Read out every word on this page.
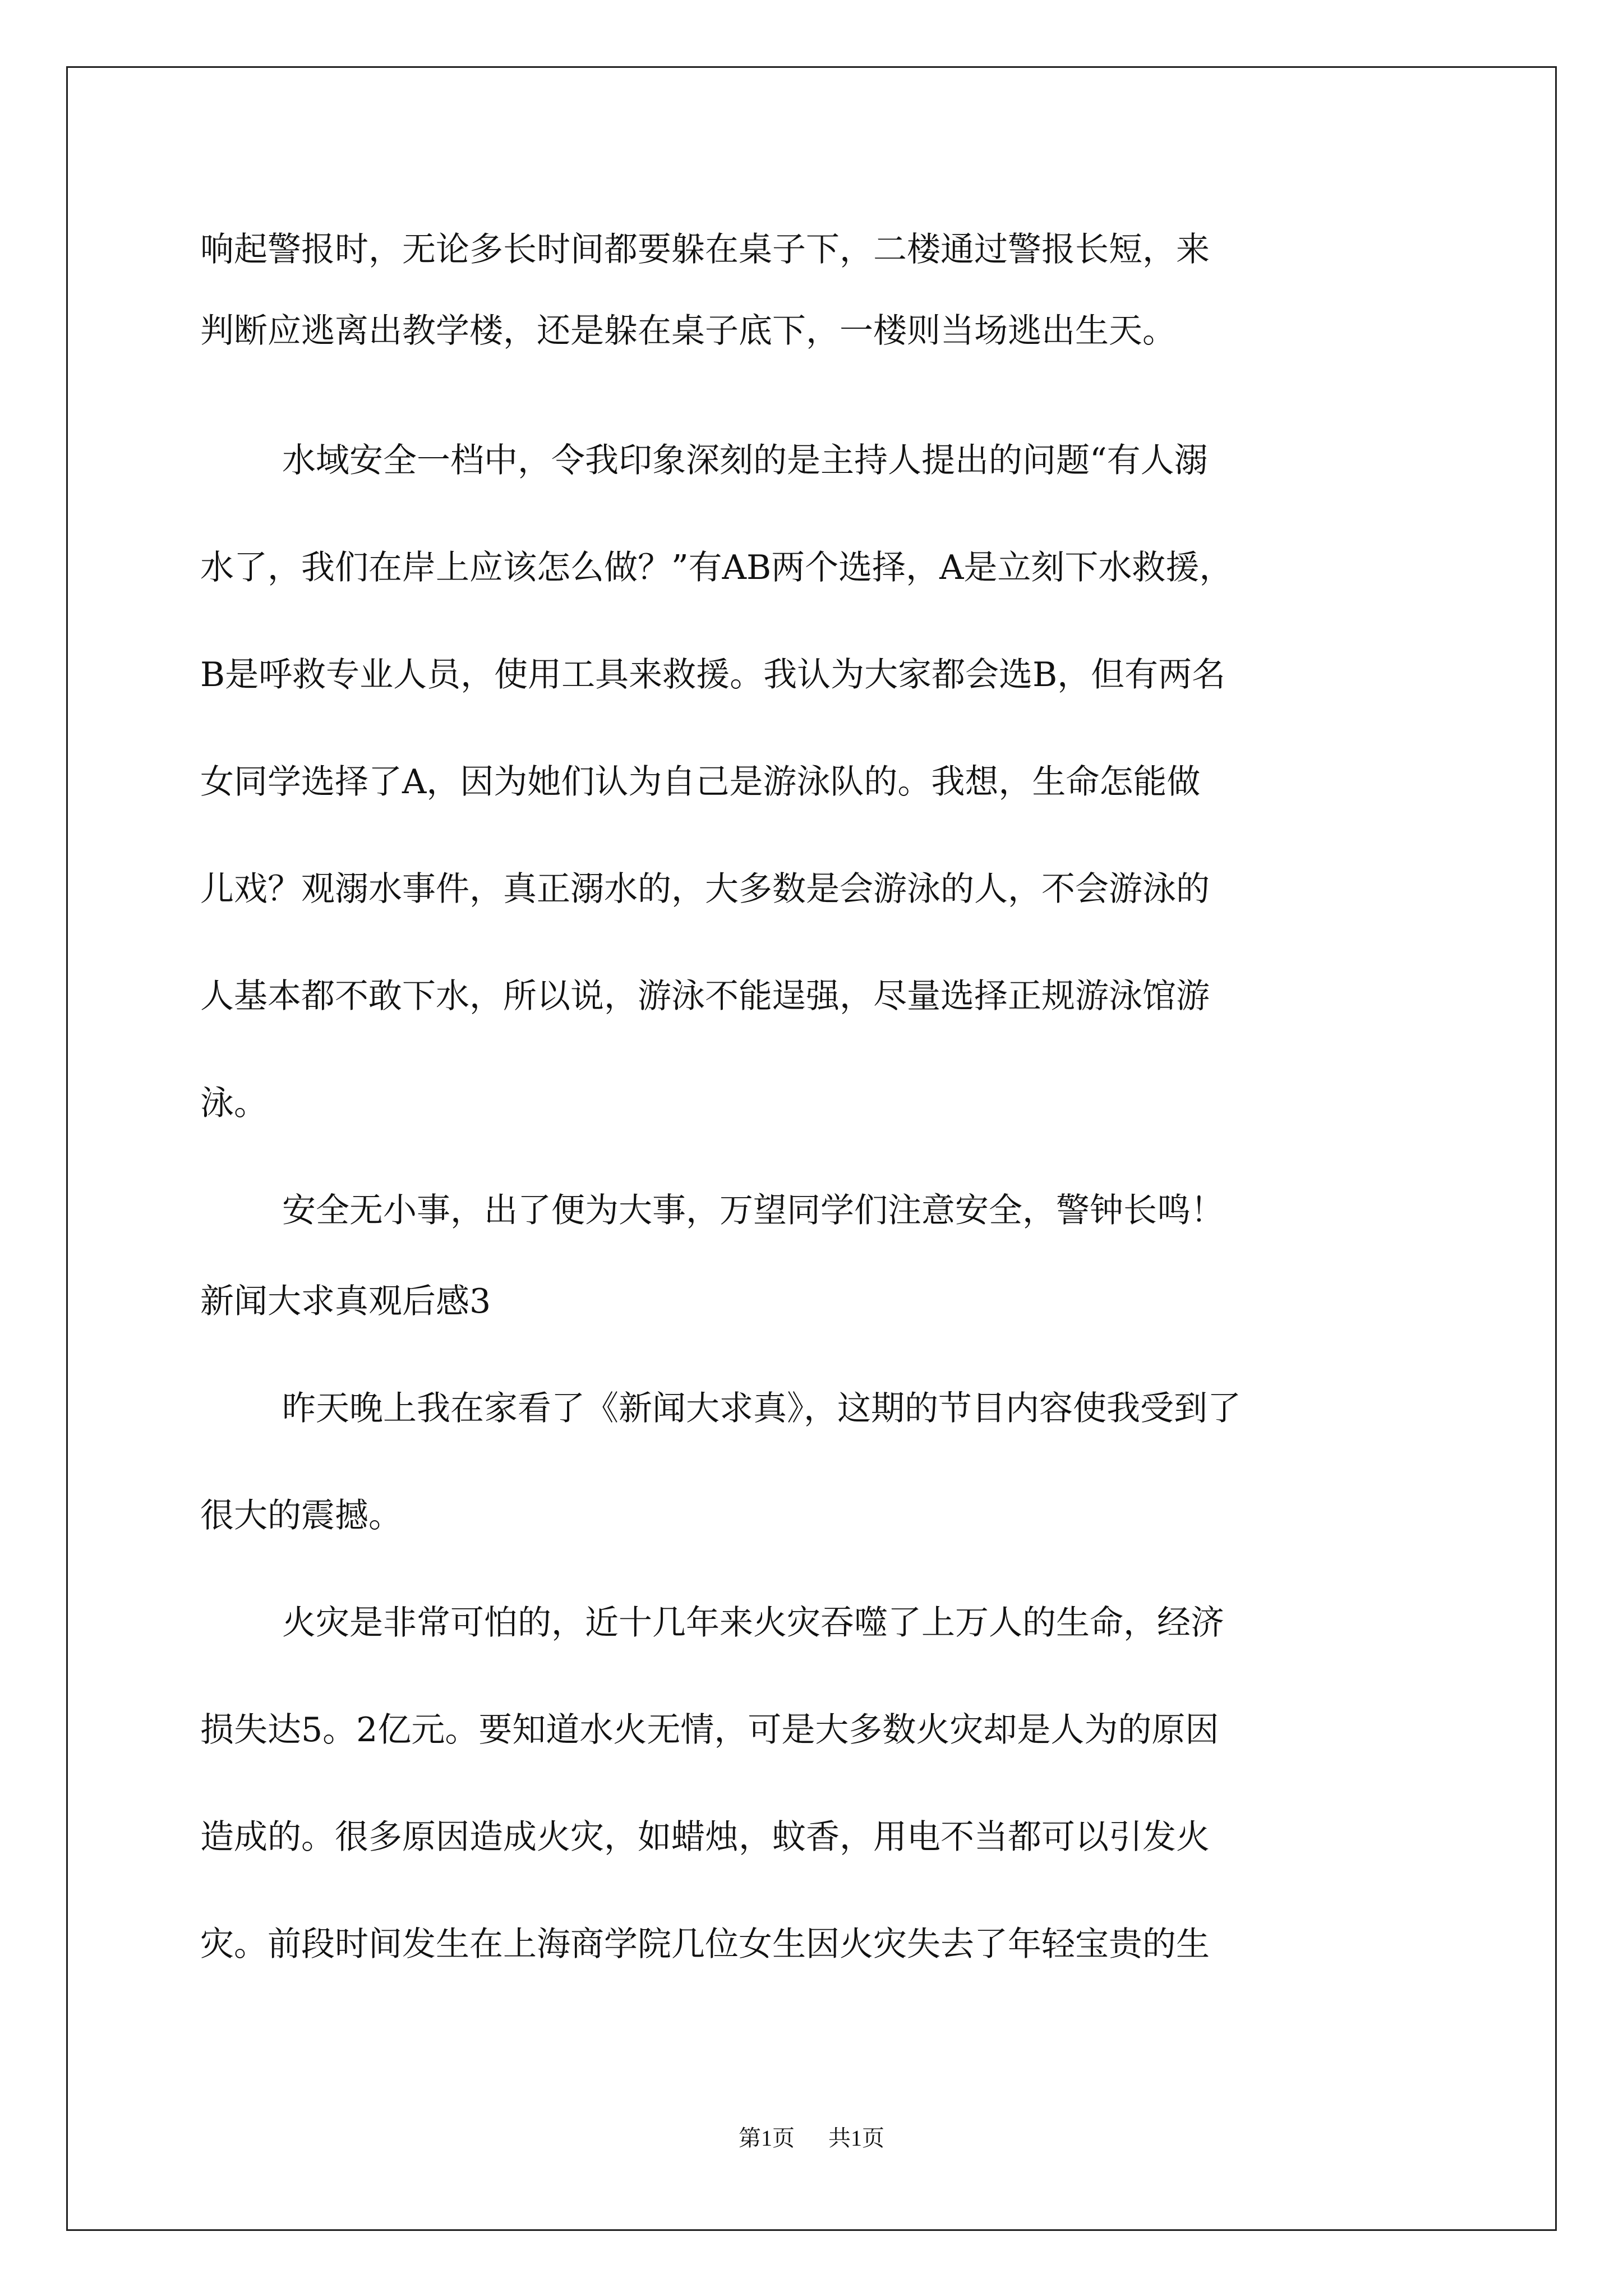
响起警报时，无论多长时间都要躲在桌子下，二楼通过警报长短，来

判断应逃离出教学楼，还是躲在桌子底下，一楼则当场逃出生天。

水域安全一档中，令我印象深刻的是主持人提出的问题“有人溺

水了，我们在岸上应该怎么做？”有AB两个选择，A是立刻下水救援，

B是呼救专业人员，使用工具来救援。我认为大家都会选B，但有两名

女同学选择了A，因为她们认为自己是游泳队的。我想，生命怎能做

儿戏？观溺水事件，真正溺水的，大多数是会游泳的人，不会游泳的

人基本都不敢下水，所以说，游泳不能逞强，尽量选择正规游泳馆游

泳。

安全无小事，出了便为大事，万望同学们注意安全，警钟长鸣！

新闻大求真观后感3

昨天晚上我在家看了《新闻大求真》，这期的节目内容使我受到了

很大的震撼。

火灾是非常可怕的，近十几年来火灾吞噬了上万人的生命，经济

损失达5。2亿元。要知道水火无情，可是大多数火灾却是人为的原因

造成的。很多原因造成火灾，如蜡烛，蚊香，用电不当都可以引发火

灾。前段时间发生在上海商学院几位女生因火灾失去了年轻宝贵的生

第1页 共1页
